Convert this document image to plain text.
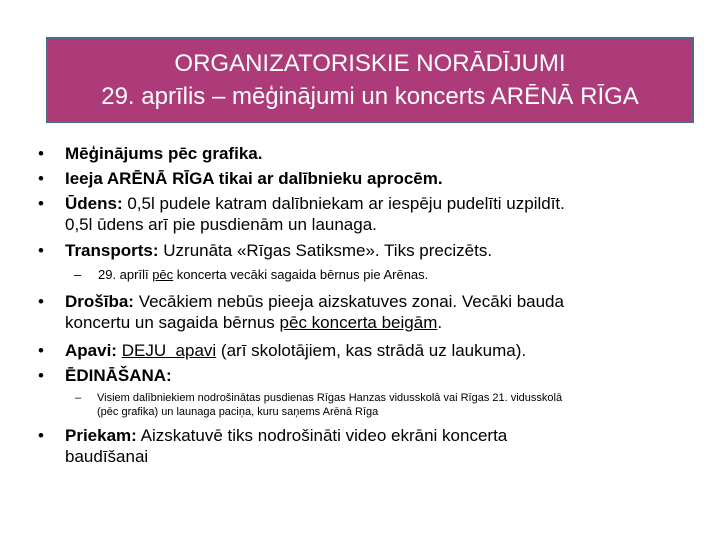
ORGANIZATORISKIE NORĀDĪJUMI
29. aprīlis – mēģinājumi un koncerts ARĒNĀ RĪGA
• Mēģinājums pēc grafika.
• Ieeja ARĒNĀ RĪGA tikai ar dalībnieku aprocēm.
• Ūdens: 0,5l pudele katram dalībniekam ar iespēju pudelīti uzpildīt.
0,5l ūdens arī pie pusdienām un launaga.
• Transports: Uzrunāta «Rīgas Satiksme». Tiks precizēts.
– 29. aprīlī pēc koncerta vecāki sagaida bērnus pie Arēnas.
• Drošība: Vecākiem nebūs pieeja aizskatuves zonai. Vecāki bauda
koncertu un sagaida bērnus pēc koncerta beigām.
• Apavi: DEJU  apavi (arī skolotājiem, kas strādā uz laukuma).
• ĒDINĀŠANA:
– Visiem dalībniekiem nodrošinātas pusdienas Rīgas Hanzas vidusskolā vai Rīgas 21. vidusskolā
(pēc grafika) un launaga paciņa, kuru saņems Arēnā Rīga
• Priekam: Aizskatuvē tiks nodrošināti video ekrāni koncerta
baudīšanai
